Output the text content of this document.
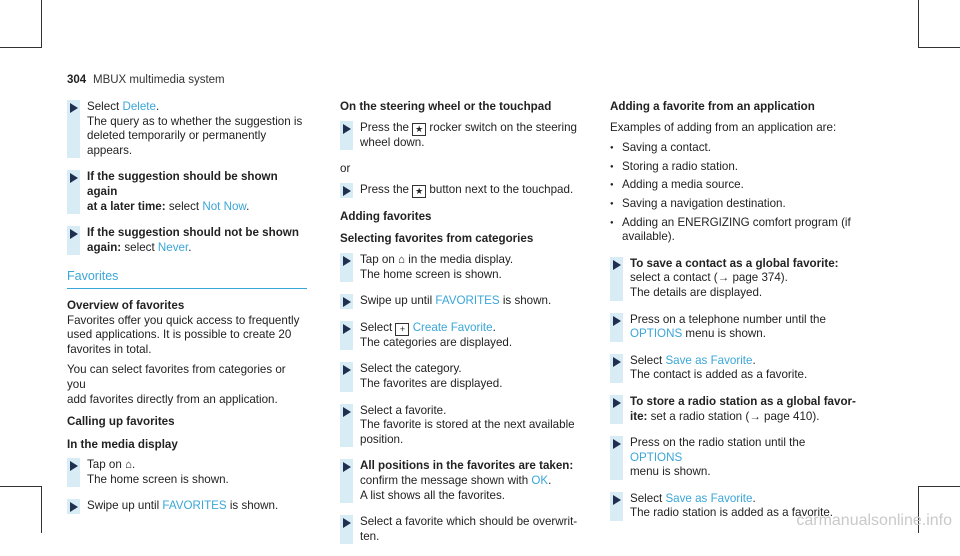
304 MBUX multimedia system
Select Delete.
The query as to whether the suggestion is
deleted temporarily or permanently appears.
If the suggestion should be shown again
at a later time: select Not Now.
If the suggestion should not be shown
again: select Never.
Favorites
Overview of favorites
Favorites offer you quick access to frequently
used applications. It is possible to create 20
favorites in total.
You can select favorites from categories or you
add favorites directly from an application.
Calling up favorites
In the media display
Tap on ⌂.
The home screen is shown.
Swipe up until FAVORITES is shown.
On the steering wheel or the touchpad
Press the ★ rocker switch on the steering
wheel down.
or
Press the ★ button next to the touchpad.
Adding favorites
Selecting favorites from categories
Tap on ⌂ in the media display.
The home screen is shown.
Swipe up until FAVORITES is shown.
Select + Create Favorite.
The categories are displayed.
Select the category.
The favorites are displayed.
Select a favorite.
The favorite is stored at the next available
position.
All positions in the favorites are taken:
confirm the message shown with OK.
A list shows all the favorites.
Select a favorite which should be overwrit-
ten.
Adding a favorite from an application
Examples of adding from an application are:
● Saving a contact.
● Storing a radio station.
● Adding a media source.
● Saving a navigation destination.
● Adding an ENERGIZING comfort program (if
available).
To save a contact as a global favorite:
select a contact (→ page 374).
The details are displayed.
Press on a telephone number until the
OPTIONS menu is shown.
Select Save as Favorite.
The contact is added as a favorite.
To store a radio station as a global favor-
ite: set a radio station (→ page 410).
Press on the radio station until the OPTIONS
menu is shown.
Select Save as Favorite.
The radio station is added as a favorite.
carmanualsonline.info
